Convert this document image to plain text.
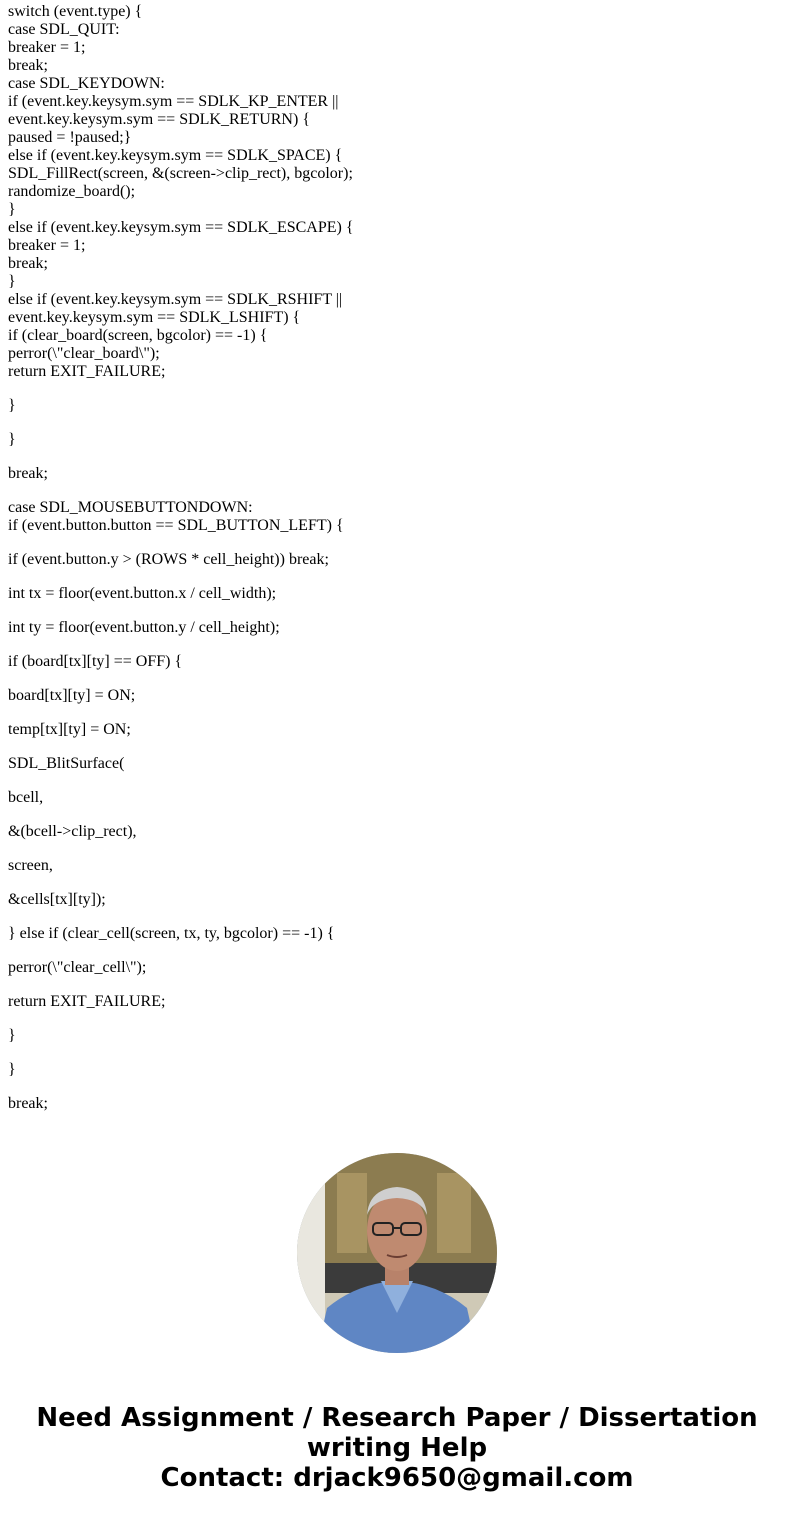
switch (event.type) {
case SDL_QUIT:
breaker = 1;
break;
case SDL_KEYDOWN:
if (event.key.keysym.sym == SDLK_KP_ENTER ||
event.key.keysym.sym == SDLK_RETURN) {
paused = !paused;}
else if (event.key.keysym.sym == SDLK_SPACE) {
SDL_FillRect(screen, &(screen->clip_rect), bgcolor);
randomize_board();
}
else if (event.key.keysym.sym == SDLK_ESCAPE) {
breaker = 1;
break;
}
else if (event.key.keysym.sym == SDLK_RSHIFT ||
event.key.keysym.sym == SDLK_LSHIFT) {
if (clear_board(screen, bgcolor) == -1) {
perror(\"clear_board\");
return EXIT_FAILURE;
}
}
break;
case SDL_MOUSEBUTTONDOWN:
if (event.button.button == SDL_BUTTON_LEFT) {
if (event.button.y > (ROWS * cell_height)) break;
int tx = floor(event.button.x / cell_width);
int ty = floor(event.button.y / cell_height);
if (board[tx][ty] == OFF) {
board[tx][ty] = ON;
temp[tx][ty] = ON;
SDL_BlitSurface(
bcell,
&(bcell->clip_rect),
screen,
&cells[tx][ty]);
} else if (clear_cell(screen, tx, ty, bgcolor) == -1) {
perror(\"clear_cell\");
return EXIT_FAILURE;
}
}
break;
Need Assignment / Research Paper / Dissertation
writing Help
Contact: drjack9650@gmail.com
